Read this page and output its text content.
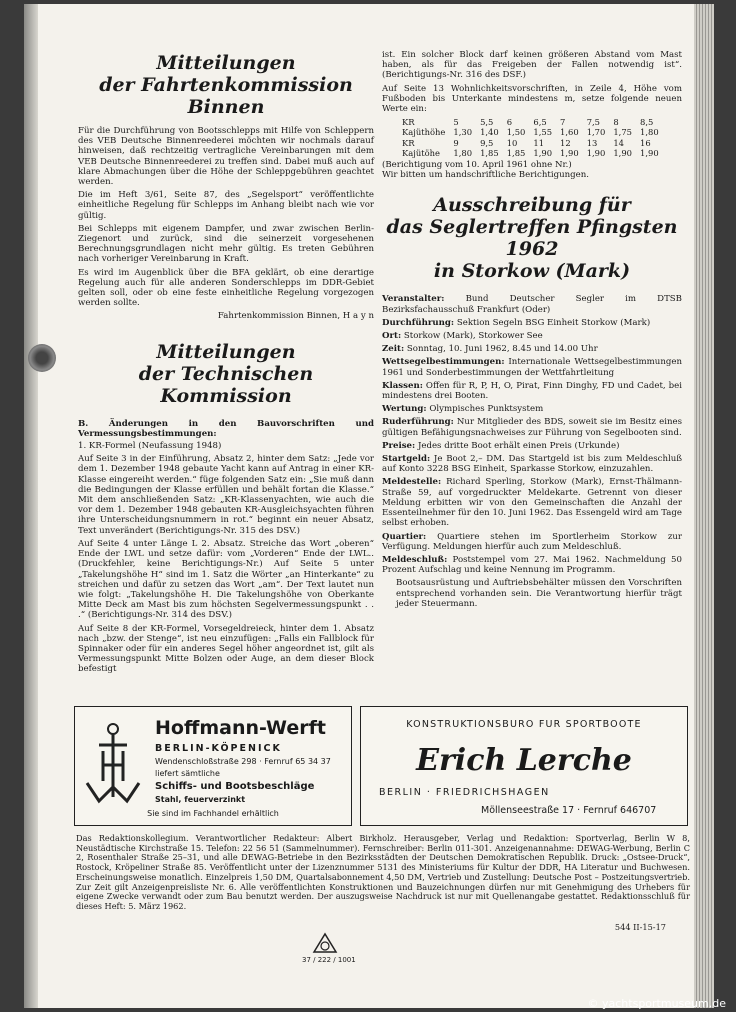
Mitteilungen
der Fahrtenkommission Binnen

Für die Durchführung von Bootsschlepps mit Hilfe von Schleppern des VEB Deutsche Binnenreederei möchten wir nochmals darauf hinweisen, daß rechtzeitig vertragliche Vereinbarungen mit dem VEB Deutsche Binnenreederei zu treffen sind. Dabei muß auch auf klare Abmachungen über die Höhe der Schleppgebühren geachtet werden.

Die im Heft 3/61, Seite 87, des „Segelsport“ veröffentlichte einheitliche Regelung für Schlepps im Anhang bleibt nach wie vor gültig.

Bei Schlepps mit eigenem Dampfer, und zwar zwischen Berlin-Ziegenort und zurück, sind die seinerzeit vorgesehenen Berechnungsgrundlagen nicht mehr gültig. Es treten Gebühren nach vorheriger Vereinbarung in Kraft.

Es wird im Augenblick über die BFA geklärt, ob eine derartige Regelung auch für alle anderen Sonderschlepps im DDR-Gebiet gelten soll, oder ob eine feste einheitliche Regelung vorgezogen werden sollte.

Fahrtenkommission Binnen, H a y n

Mitteilungen
der Technischen Kommission

B. Änderungen in den Bauvorschriften und Vermessungsbestimmungen:

1. KR-Formel (Neufassung 1948)

Auf Seite 3 in der Einführung, Absatz 2, hinter dem Satz: „Jede vor dem 1. Dezember 1948 gebaute Yacht kann auf Antrag in einer KR-Klasse eingereiht werden.“ füge folgenden Satz ein: „Sie muß dann die Bedingungen der Klasse erfüllen und behält fortan die Klasse.“ Mit dem anschließenden Satz: „KR-Klassenyachten, wie auch die vor dem 1. Dezember 1948 gebauten KR-Ausgleichsyachten führen ihre Unterscheidungsnummern in rot.“ beginnt ein neuer Absatz, Text unverändert (Berichtigungs-Nr. 315 des DSV.)

Auf Seite 4 unter Länge L 2. Absatz. Streiche das Wort „oberen“ Ende der LWL und setze dafür: vom „Vorderen“ Ende der LWL.. (Druckfehler, keine Berichtigungs-Nr.) Auf Seite 5 unter „Takelungshöhe H“ sind im 1. Satz die Wörter „an Hinterkante“ zu streichen und dafür zu setzen das Wort „am“. Der Text lautet nun wie folgt: „Takelungshöhe H. Die Takelungshöhe von Oberkante Mitte Deck am Mast bis zum höchsten Segelvermessungspunkt . . .“ (Berichtigungs-Nr. 314 des DSV.)

Auf Seite 8 der KR-Formel, Vorsegeldreieck, hinter dem 1. Absatz nach „bzw. der Stenge“, ist neu einzufügen: „Falls ein Fallblock für Spinnaker oder für ein anderes Segel höher angeordnet ist, gilt als Vermessungspunkt Mitte Bolzen oder Auge, an dem dieser Block befestigt

ist. Ein solcher Block darf keinen größeren Abstand vom Mast haben, als für das Freigeben der Fallen notwendig ist“. (Berichtigungs-Nr. 316 des DSF.)

Auf Seite 13 Wohnlichkeitsvorschriften, in Zeile 4, Höhe vom Fußboden bis Unterkante mindestens m, setze folgende neuen Werte ein:

KR	5	5,5	6	6,5	7	7,5	8	8,5
Kajüthöhe	1,30	1,40	1,50	1,55	1,60	1,70	1,75	1,80
KR	9	9,5	10	11	12	13	14	16
Kajütöhe	1,80	1,85	1,85	1,90	1,90	1,90	1,90	1,90

(Berichtigung vom 10. April 1961 ohne Nr.)

Wir bitten um handschriftliche Berichtigungen.

Ausschreibung für
das Seglertreffen Pfingsten 1962
in Storkow (Mark)

Veranstalter: Bund Deutscher Segler im DTSB Bezirksfachausschuß Frankfurt (Oder)

Durchführung: Sektion Segeln BSG Einheit Storkow (Mark)

Ort: Storkow (Mark), Storkower See

Zeit: Sonntag, 10. Juni 1962, 8.45 und 14.00 Uhr

Wettsegelbestimmungen: Internationale Wettsegelbestimmungen 1961 und Sonderbestimmungen der Wettfahrtleitung

Klassen: Offen für R, P, H, O, Pirat, Finn Dinghy, FD und Cadet, bei mindestens drei Booten.

Wertung: Olympisches Punktsystem

Ruderführung: Nur Mitglieder des BDS, soweit sie im Besitz eines gültigen Befähigungsnachweises zur Führung von Segelbooten sind.

Preise: Jedes dritte Boot erhält einen Preis (Urkunde)

Startgeld: Je Boot 2,– DM. Das Startgeld ist bis zum Meldeschluß auf Konto 3228 BSG Einheit, Sparkasse Storkow, einzuzahlen.

Meldestelle: Richard Sperling, Storkow (Mark), Ernst-Thälmann-Straße 59, auf vorgedruckter Meldekarte. Getrennt von dieser Meldung erbitten wir von den Gemeinschaften die Anzahl der Essenteilnehmer für den 10. Juni 1962. Das Essengeld wird am Tage selbst erhoben.

Quartier: Quartiere stehen im Sportlerheim Storkow zur Verfügung. Meldungen hierfür auch zum Meldeschluß.

Meldeschluß: Poststempel vom 27. Mai 1962. Nachmeldung 50 Prozent Aufschlag und keine Nennung im Programm.

Bootsausrüstung und Auftriebsbehälter müssen den Vorschriften entsprechend vorhanden sein. Die Verantwortung hierfür trägt jeder Steuermann.

Hoffmann-Werft
BERLIN-KÖPENICK
Wendenschloßstraße 298 · Fernruf 65 34 37
liefert sämtliche
Schiffs- und Bootsbeschläge
Stahl, feuerverzinkt
Sie sind im Fachhandel erhältlich
KONSTRUKTIONSBURO FUR SPORTBOOTE
Erich Lerche
BERLIN · FRIEDRICHSHAGEN
Möllenseestraße 17 · Fernruf 646707
Das Redaktionskollegium. Verantwortlicher Redakteur: Albert Birkholz. Herausgeber, Verlag und Redaktion: Sportverlag, Berlin W 8, Neustädtische Kirchstraße 15. Telefon: 22 56 51 (Sammelnummer). Fernschreiber: Berlin 011-301. Anzeigenannahme: DEWAG-Werbung, Berlin C 2, Rosenthaler Straße 25–31, und alle DEWAG-Betriebe in den Bezirksstädten der Deutschen Demokratischen Republik. Druck: „Ostsee-Druck“, Rostock, Kröpeliner Straße 85. Veröffentlicht unter der Lizenznummer 5131 des Ministeriums für Kultur der DDR, HA Literatur und Buchwesen. Erscheinungsweise monatlich. Einzelpreis 1,50 DM, Quartalsabonnement 4,50 DM, Vertrieb und Zustellung: Deutsche Post – Postzeitungsvertrieb. Zur Zeit gilt Anzeigenpreisliste Nr. 6. Alle veröffentlichten Konstruktionen und Bauzeichnungen dürfen nur mit Genehmigung des Urhebers für eigene Zwecke verwandt oder zum Bau benutzt werden. Der auszugsweise Nachdruck ist nur mit Quellenangabe gestattet. Redaktionsschluß für dieses Heft: 5. März 1962.
544 II-15-17
37 / 222 / 1001
© yachtsportmuseum.de
